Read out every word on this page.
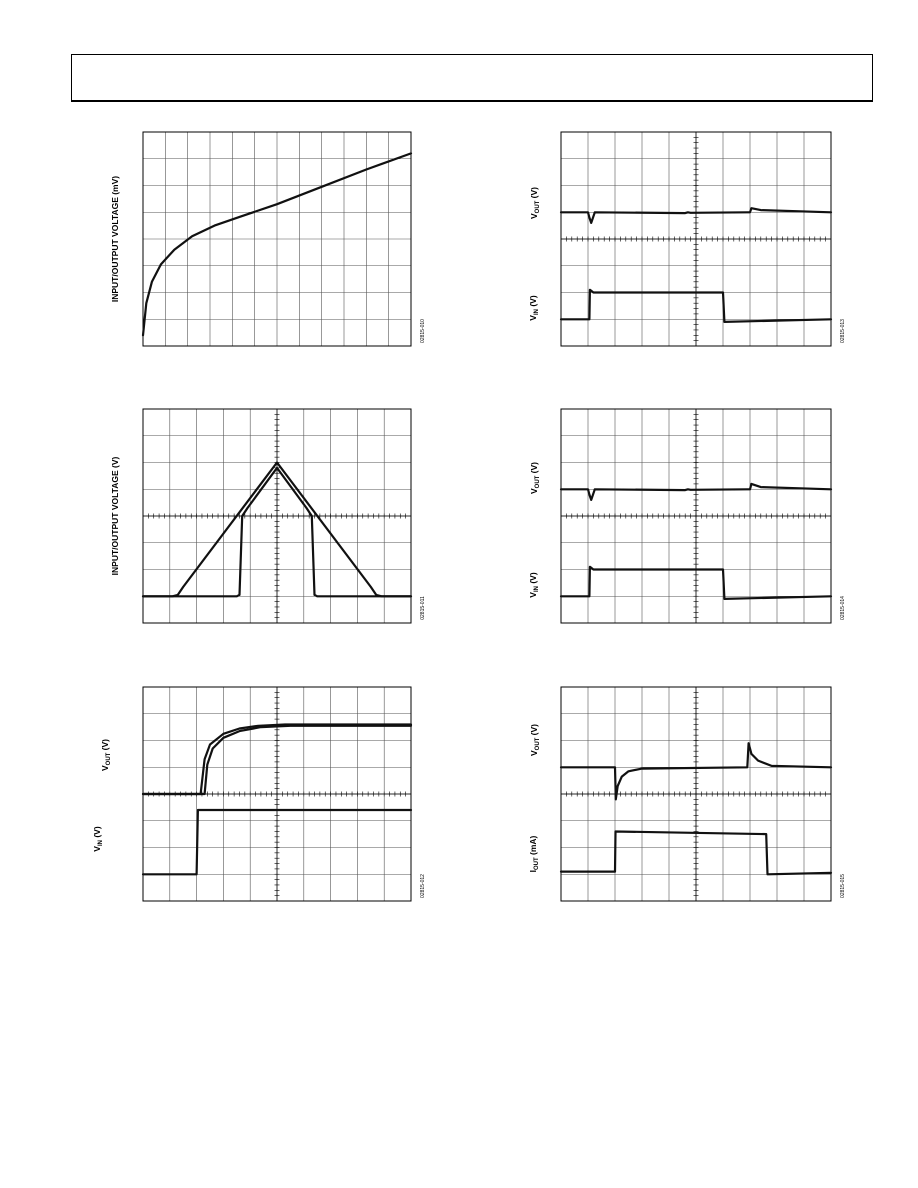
INPUT/OUTPUT VOLTAGE (mV)
02815-010
$V_{OUT}$ (V)
$V_{IN}$ (V)
02815-013
INPUT/OUTPUT VOLTAGE (V)
02815-011
$V_{OUT}$ (V)
$V_{IN}$ (V)
02815-014
$V_{OUT}$ (V)
$V_{IN}$ (V)
02815-012
$V_{OUT}$ (V)
$I_{OUT}$ (mA)
02815-015
